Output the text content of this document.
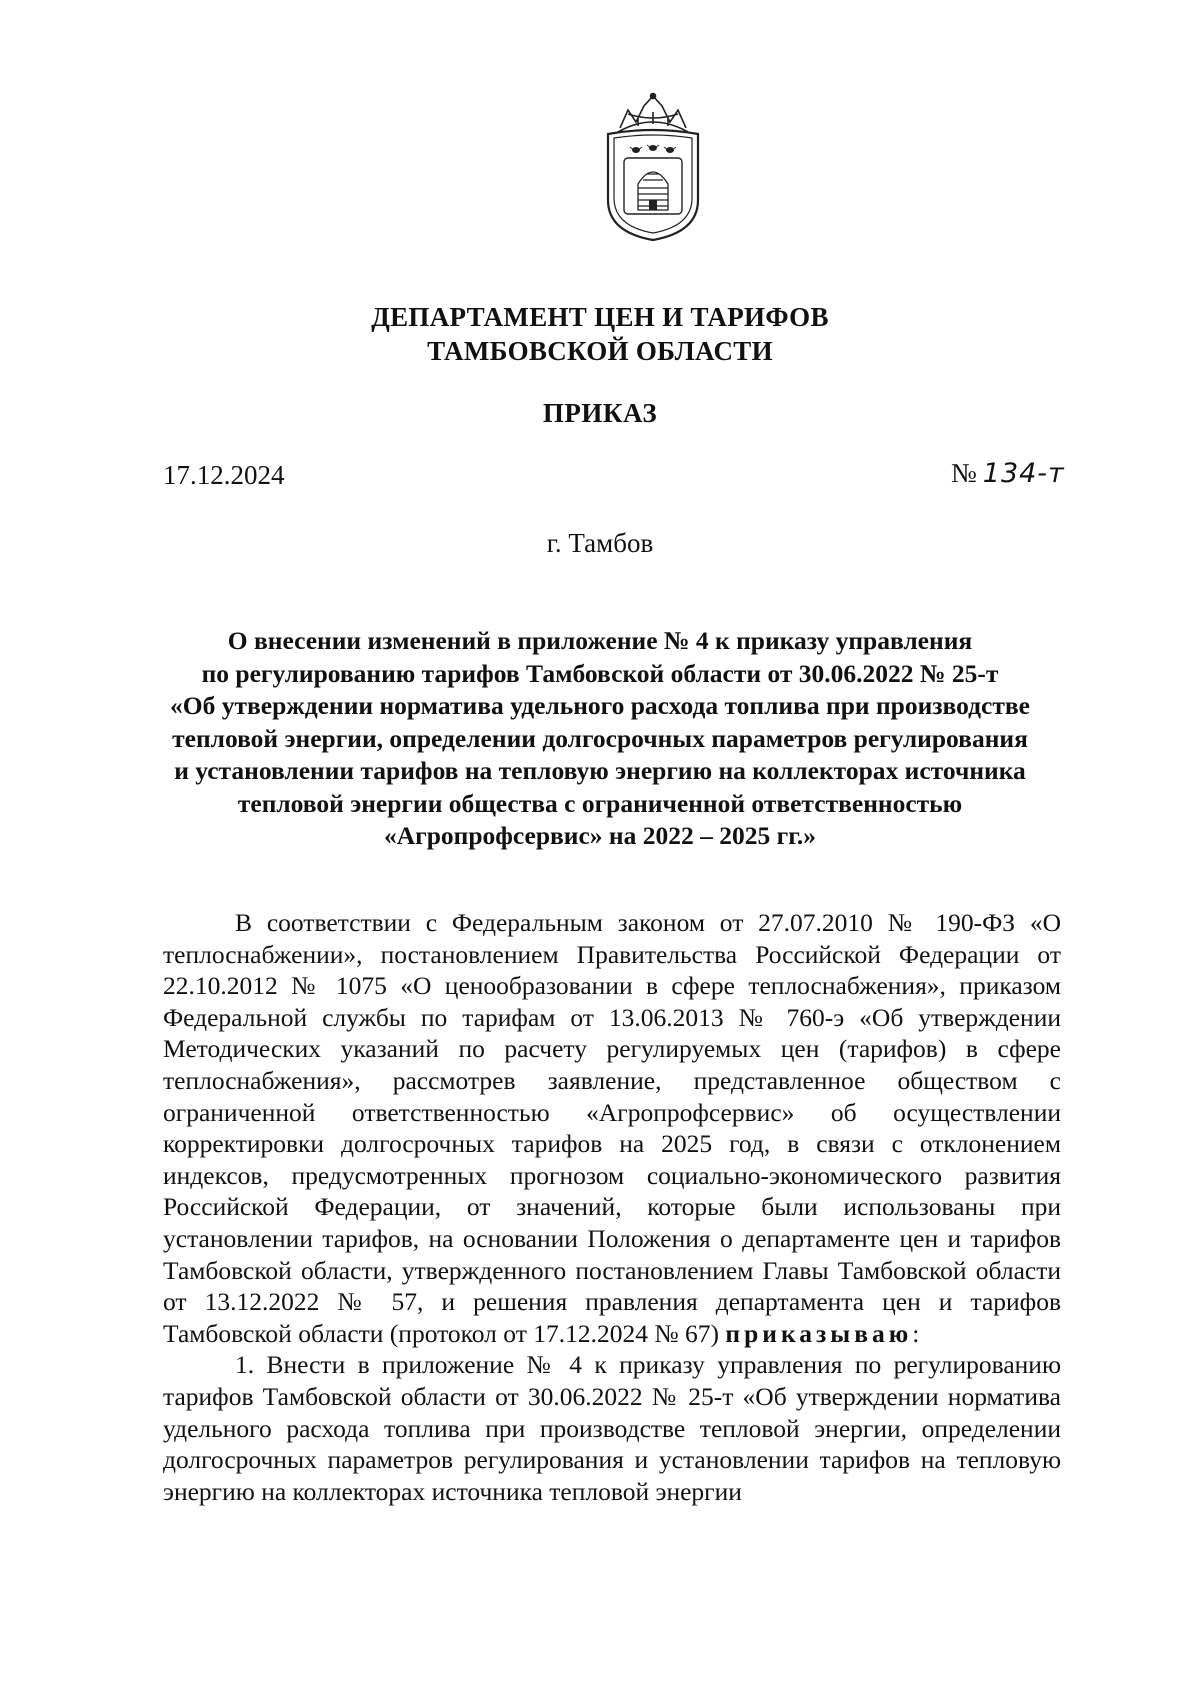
ДЕПАРТАМЕНТ ЦЕН И ТАРИФОВ
ТАМБОВСКОЙ ОБЛАСТИ
ПРИКАЗ
17.12.2024	№ 134-т
г. Тамбов
О внесении изменений в приложение № 4 к приказу управления
по регулированию тарифов Тамбовской области от 30.06.2022 № 25-т
«Об утверждении норматива удельного расхода топлива при производстве
тепловой энергии, определении долгосрочных параметров регулирования
и установлении тарифов на тепловую энергию на коллекторах источника
тепловой энергии общества с ограниченной ответственностью
«Агропрофсервис» на 2022 – 2025 гг.»

В соответствии с Федеральным законом от 27.07.2010 № 190-ФЗ «О теплоснабжении», постановлением Правительства Российской Федерации от 22.10.2012 № 1075 «О ценообразовании в сфере теплоснабжения», приказом Федеральной службы по тарифам от 13.06.2013 № 760-э «Об утверждении Методических указаний по расчету регулируемых цен (тарифов) в сфере теплоснабжения», рассмотрев заявление, представленное обществом с ограниченной ответственностью «Агропрофсервис» об осуществлении корректировки долгосрочных тарифов на 2025 год, в связи с отклонением индексов, предусмотренных прогнозом социально-экономического развития Российской Федерации, от значений, которые были использованы при установлении тарифов, на основании Положения о департаменте цен и тарифов Тамбовской области, утвержденного постановлением Главы Тамбовской области от 13.12.2022 № 57, и решения правления департамента цен и тарифов Тамбовской области (протокол от 17.12.2024 № 67) приказываю:

1. Внести в приложение № 4 к приказу управления по регулированию тарифов Тамбовской области от 30.06.2022 № 25-т «Об утверждении норматива удельного расхода топлива при производстве тепловой энергии, определении долгосрочных параметров регулирования и установлении тарифов на тепловую энергию на коллекторах источника тепловой энергии
